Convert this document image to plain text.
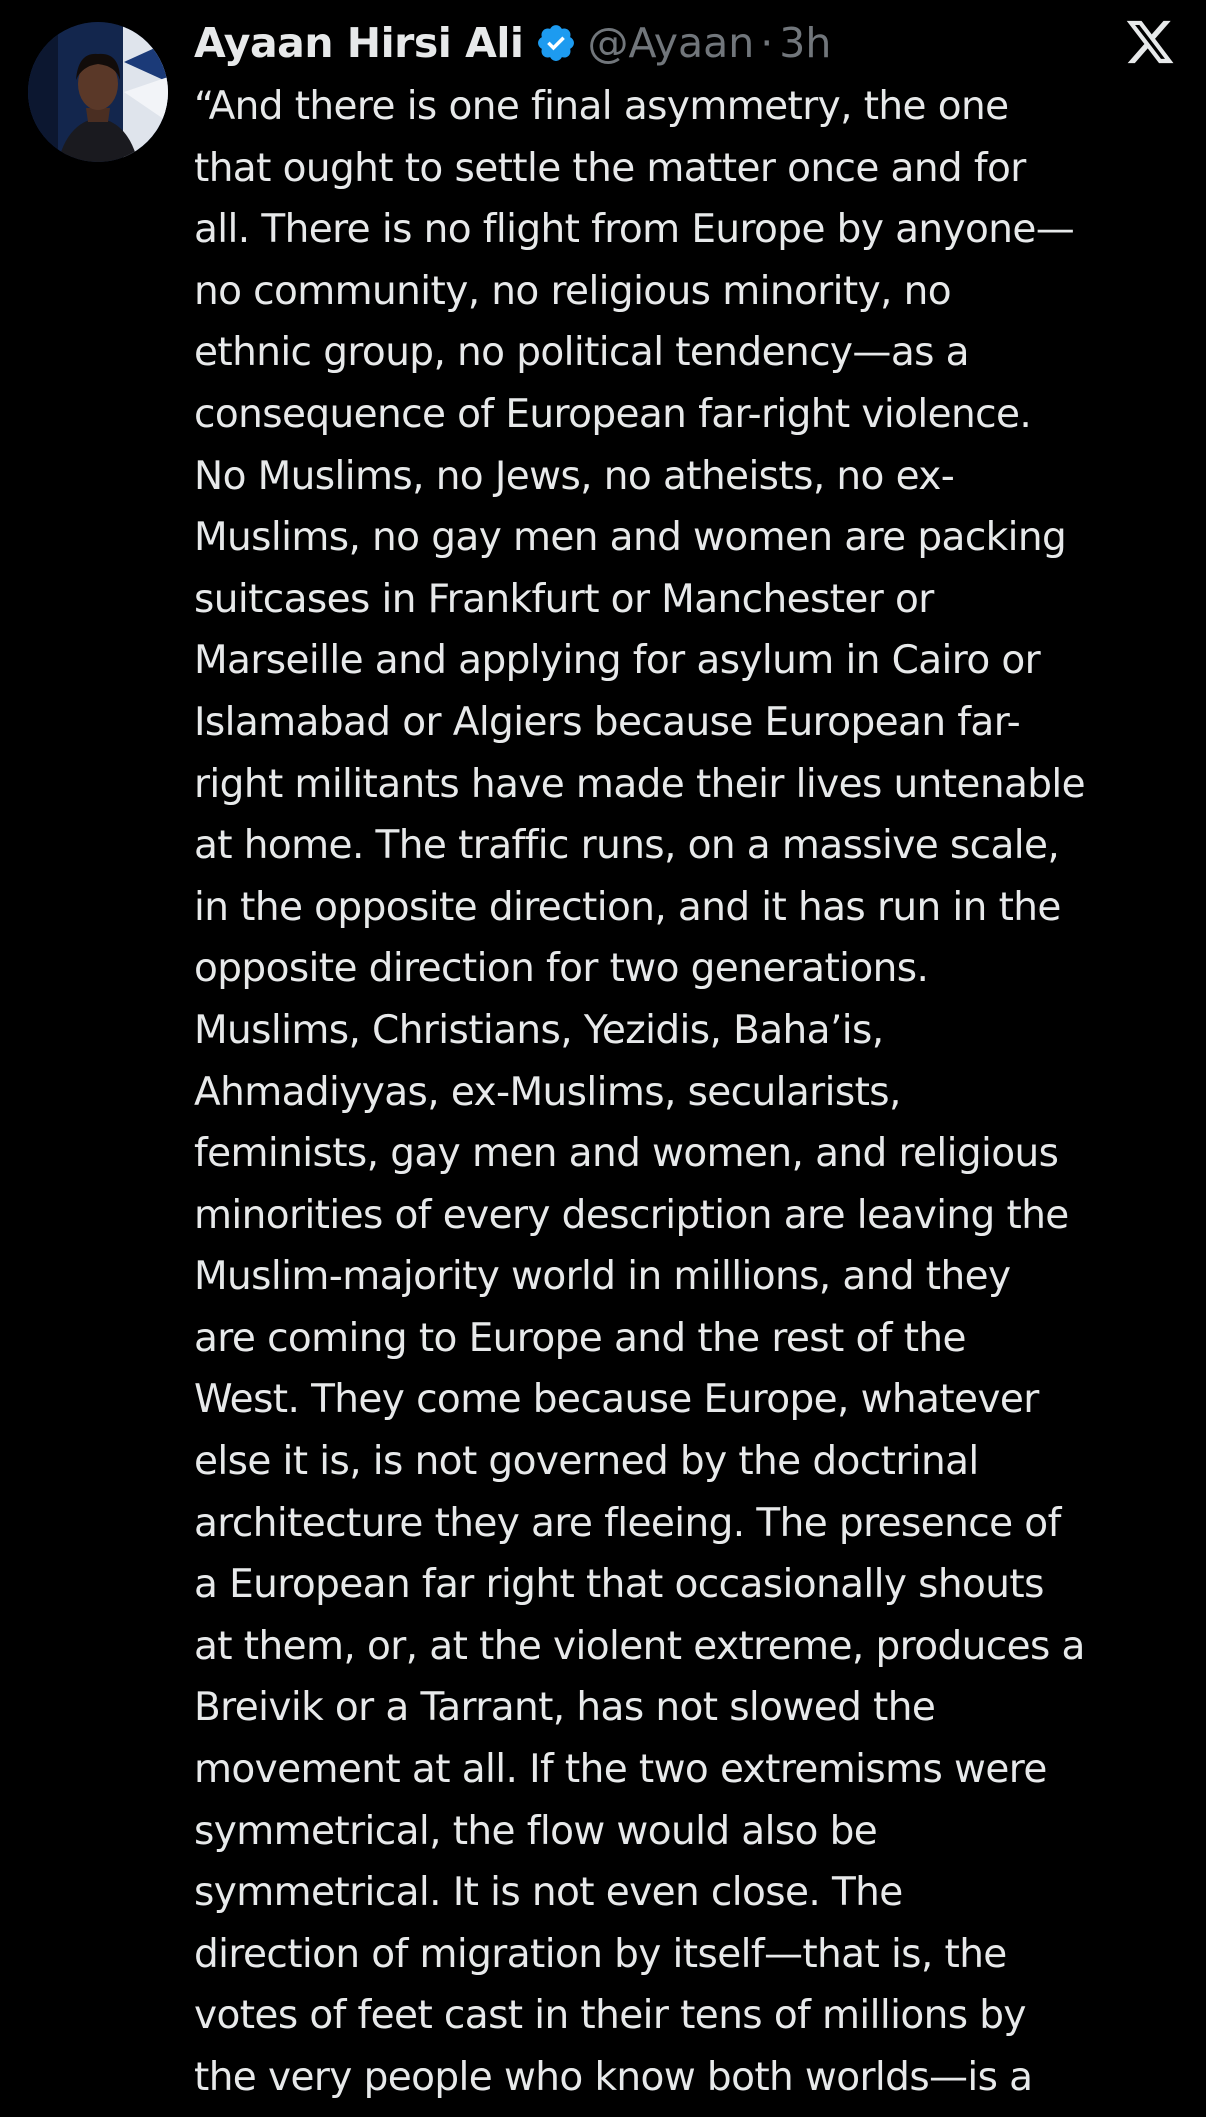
Ayaan Hirsi Ali @Ayaan · 3h

“And there is one final asymmetry, the one
that ought to settle the matter once and for
all. There is no flight from Europe by anyone—
no community, no religious minority, no
ethnic group, no political tendency—as a
consequence of European far-right violence.
No Muslims, no Jews, no atheists, no ex-
Muslims, no gay men and women are packing
suitcases in Frankfurt or Manchester or
Marseille and applying for asylum in Cairo or
Islamabad or Algiers because European far-
right militants have made their lives untenable
at home. The traffic runs, on a massive scale,
in the opposite direction, and it has run in the
opposite direction for two generations.
Muslims, Christians, Yezidis, Baha’is,
Ahmadiyyas, ex-Muslims, secularists,
feminists, gay men and women, and religious
minorities of every description are leaving the
Muslim-majority world in millions, and they
are coming to Europe and the rest of the
West. They come because Europe, whatever
else it is, is not governed by the doctrinal
architecture they are fleeing. The presence of
a European far right that occasionally shouts
at them, or, at the violent extreme, produces a
Breivik or a Tarrant, has not slowed the
movement at all. If the two extremisms were
symmetrical, the flow would also be
symmetrical. It is not even close. The
direction of migration by itself—that is, the
votes of feet cast in their tens of millions by
the very people who know both worlds—is a
